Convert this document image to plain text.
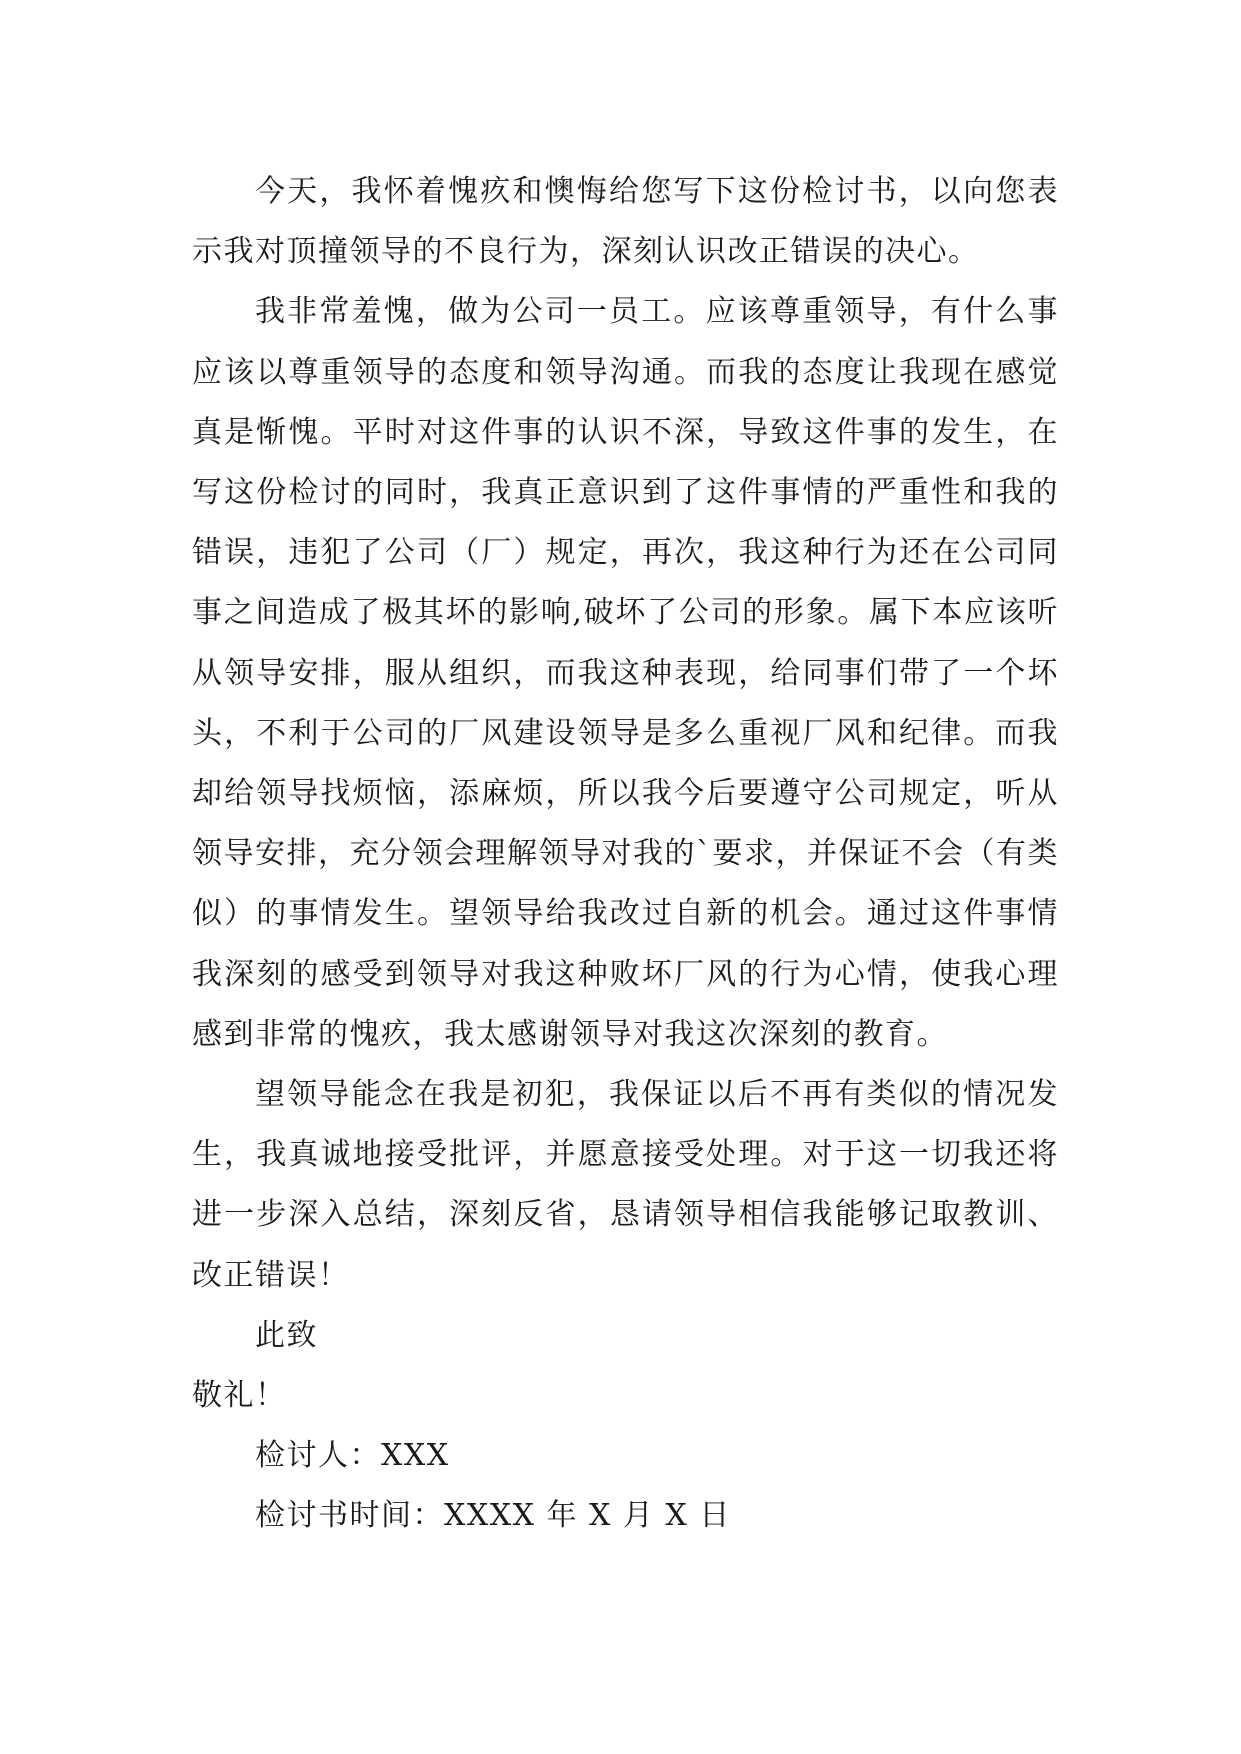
今天，我怀着愧疚和懊悔给您写下这份检讨书，以向您表示我对顶撞领导的不良行为，深刻认识改正错误的决心。

我非常羞愧，做为公司一员工。应该尊重领导，有什么事应该以尊重领导的态度和领导沟通。而我的态度让我现在感觉真是惭愧。平时对这件事的认识不深，导致这件事的发生，在写这份检讨的同时，我真正意识到了这件事情的严重性和我的错误，违犯了公司（厂）规定，再次，我这种行为还在公司同事之间造成了极其坏的影响,破坏了公司的形象。属下本应该听从领导安排，服从组织，而我这种表现，给同事们带了一个坏头，不利于公司的厂风建设领导是多么重视厂风和纪律。而我却给领导找烦恼，添麻烦，所以我今后要遵守公司规定，听从领导安排，充分领会理解领导对我的`要求，并保证不会（有类似）的事情发生。望领导给我改过自新的机会。通过这件事情我深刻的感受到领导对我这种败坏厂风的行为心情，使我心理感到非常的愧疚，我太感谢领导对我这次深刻的教育。

望领导能念在我是初犯，我保证以后不再有类似的情况发生，我真诚地接受批评，并愿意接受处理。对于这一切我还将进一步深入总结，深刻反省，恳请领导相信我能够记取教训、改正错误！

此致

敬礼！

检讨人：XXX

检讨书时间：XXXX 年 X 月 X 日
